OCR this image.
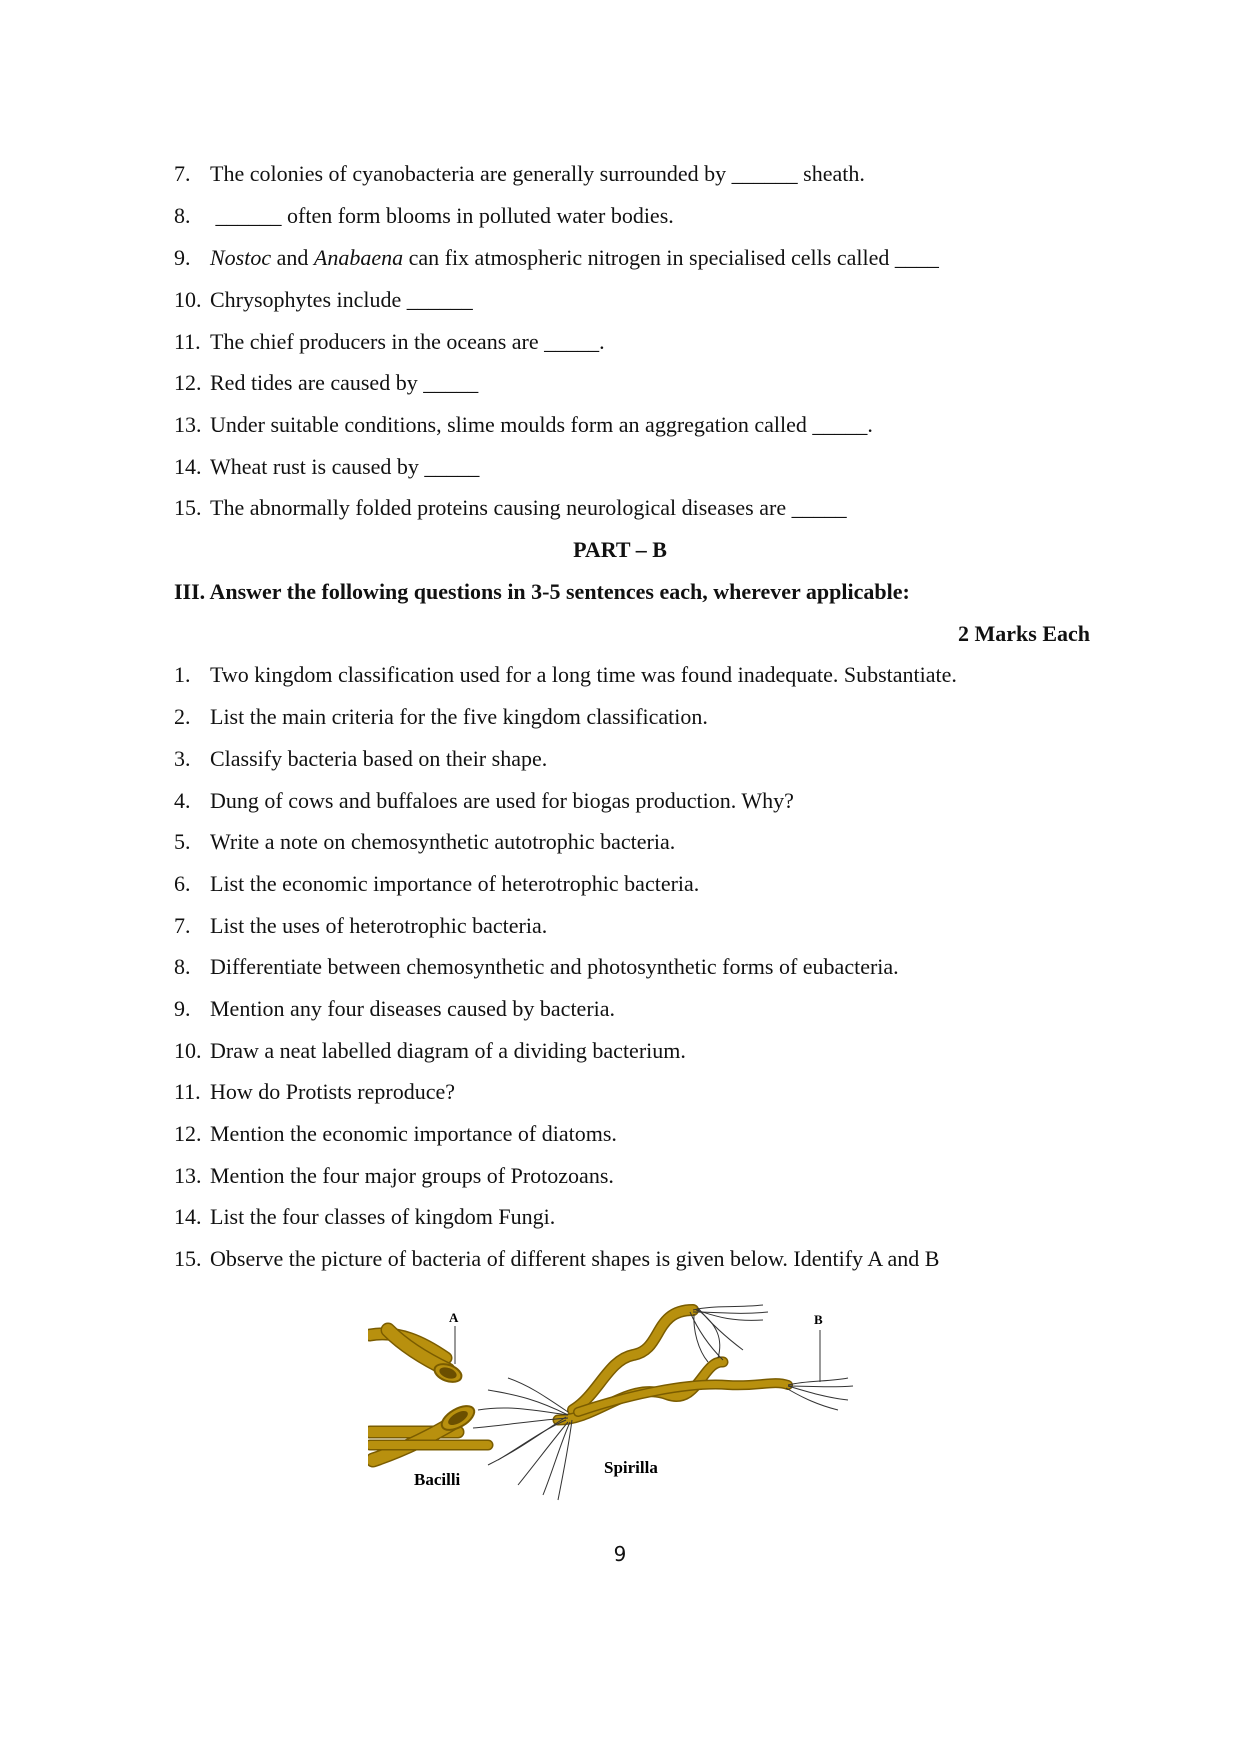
7. The colonies of cyanobacteria are generally surrounded by ______ sheath.
8. ______ often form blooms in polluted water bodies.
9. Nostoc and Anabaena can fix atmospheric nitrogen in specialised cells called ____
10. Chrysophytes include ______
11. The chief producers in the oceans are _____.
12. Red tides are caused by _____
13. Under suitable conditions, slime moulds form an aggregation called _____.
14. Wheat rust is caused by _____
15. The abnormally folded proteins causing neurological diseases are _____
PART – B
III. Answer the following questions in 3-5 sentences each, wherever applicable:
2 Marks Each
1. Two kingdom classification used for a long time was found inadequate. Substantiate.
2. List the main criteria for the five kingdom classification.
3. Classify bacteria based on their shape.
4. Dung of cows and buffaloes are used for biogas production. Why?
5. Write a note on chemosynthetic autotrophic bacteria.
6. List the economic importance of heterotrophic bacteria.
7. List the uses of heterotrophic bacteria.
8. Differentiate between chemosynthetic and photosynthetic forms of eubacteria.
9. Mention any four diseases caused by bacteria.
10. Draw a neat labelled diagram of a dividing bacterium.
11. How do Protists reproduce?
12. Mention the economic importance of diatoms.
13. Mention the four major groups of Protozoans.
14. List the four classes of kingdom Fungi.
15. Observe the picture of bacteria of different shapes is given below. Identify A and B
A
Bacilli
B
Spirilla
9
